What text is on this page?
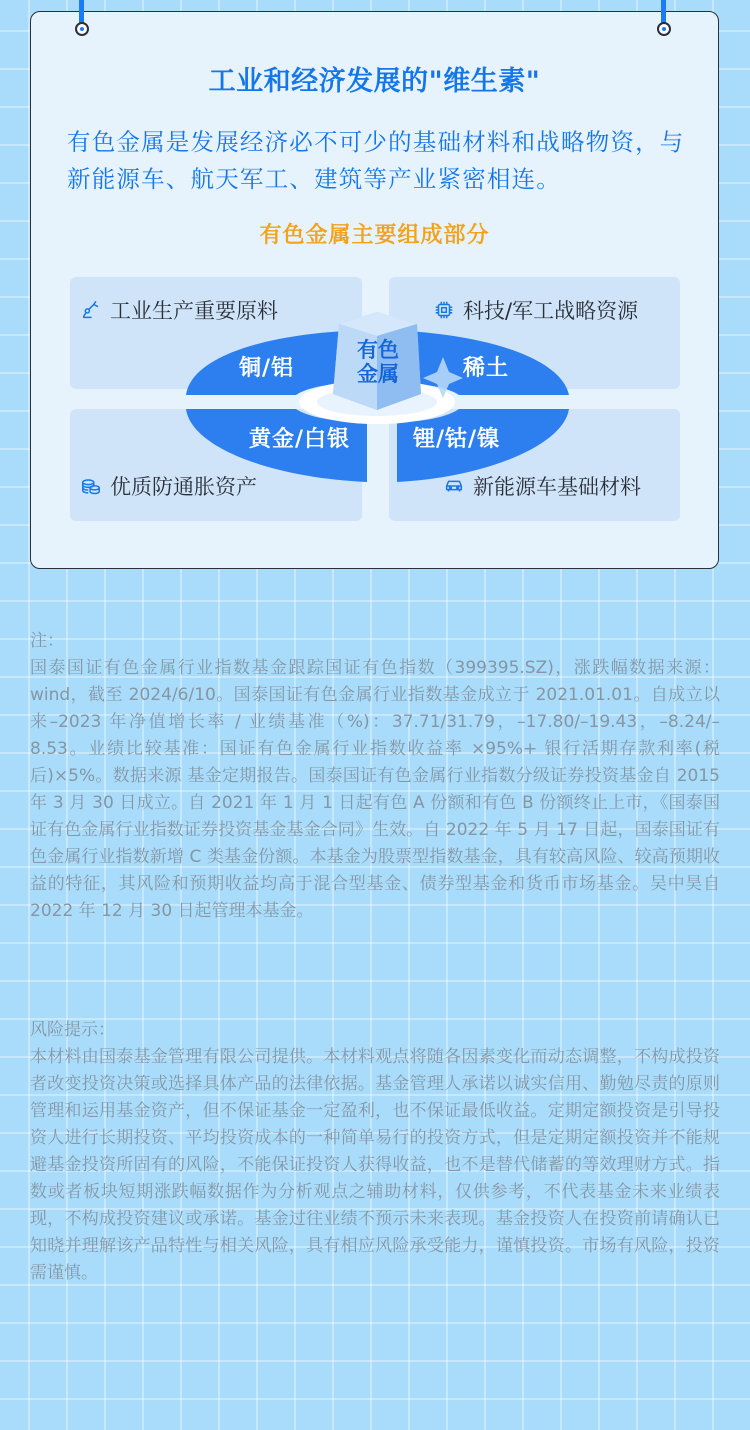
工业和经济发展的"维生素"
有色金属是发展经济必不可少的基础材料和战略物资，与新能源车、航天军工、建筑等产业紧密相连。
有色金属主要组成部分
工业生产重要原料	科技/军工战略资源
优质防通胀资产	新能源车基础材料
铜/铝	稀土
黄金/白银	锂/钴/镍
有色金属

注：

国泰国证有色金属行业指数基金跟踪国证有色指数（399395.SZ)，涨跌幅数据来源：wind，截至 2024/6/10。国泰国证有色金属行业指数基金成立于 2021.01.01。自成立以来–2023 年净值增长率 / 业绩基准（%)：37.71/31.79，–17.80/–19.43，–8.24/–8.53。业绩比较基准：国证有色金属行业指数收益率 ×95%+ 银行活期存款利率(税后)×5%。数据来源 基金定期报告。国泰国证有色金属行业指数分级证券投资基金自 2015 年 3 月 30 日成立。自 2021 年 1 月 1 日起有色 A 份额和有色 B 份额终止上市，《国泰国证有色金属行业指数证券投资基金基金合同》生效。自 2022 年 5 月 17 日起，国泰国证有色金属行业指数新增 C 类基金份额。本基金为股票型指数基金，具有较高风险、较高预期收益的特征，其风险和预期收益均高于混合型基金、债券型基金和货币市场基金。吴中昊自 2022 年 12 月 30 日起管理本基金。

风险提示：

本材料由国泰基金管理有限公司提供。本材料观点将随各因素变化而动态调整，不构成投资者改变投资决策或选择具体产品的法律依据。基金管理人承诺以诚实信用、勤勉尽责的原则管理和运用基金资产，但不保证基金一定盈利，也不保证最低收益。定期定额投资是引导投资人进行长期投资、平均投资成本的一种简单易行的投资方式，但是定期定额投资并不能规避基金投资所固有的风险，不能保证投资人获得收益，也不是替代储蓄的等效理财方式。指数或者板块短期涨跌幅数据作为分析观点之辅助材料，仅供参考，不代表基金未来业绩表现，不构成投资建议或承诺。基金过往业绩不预示未来表现。基金投资人在投资前请确认已知晓并理解该产品特性与相关风险，具有相应风险承受能力，谨慎投资。市场有风险，投资需谨慎。
